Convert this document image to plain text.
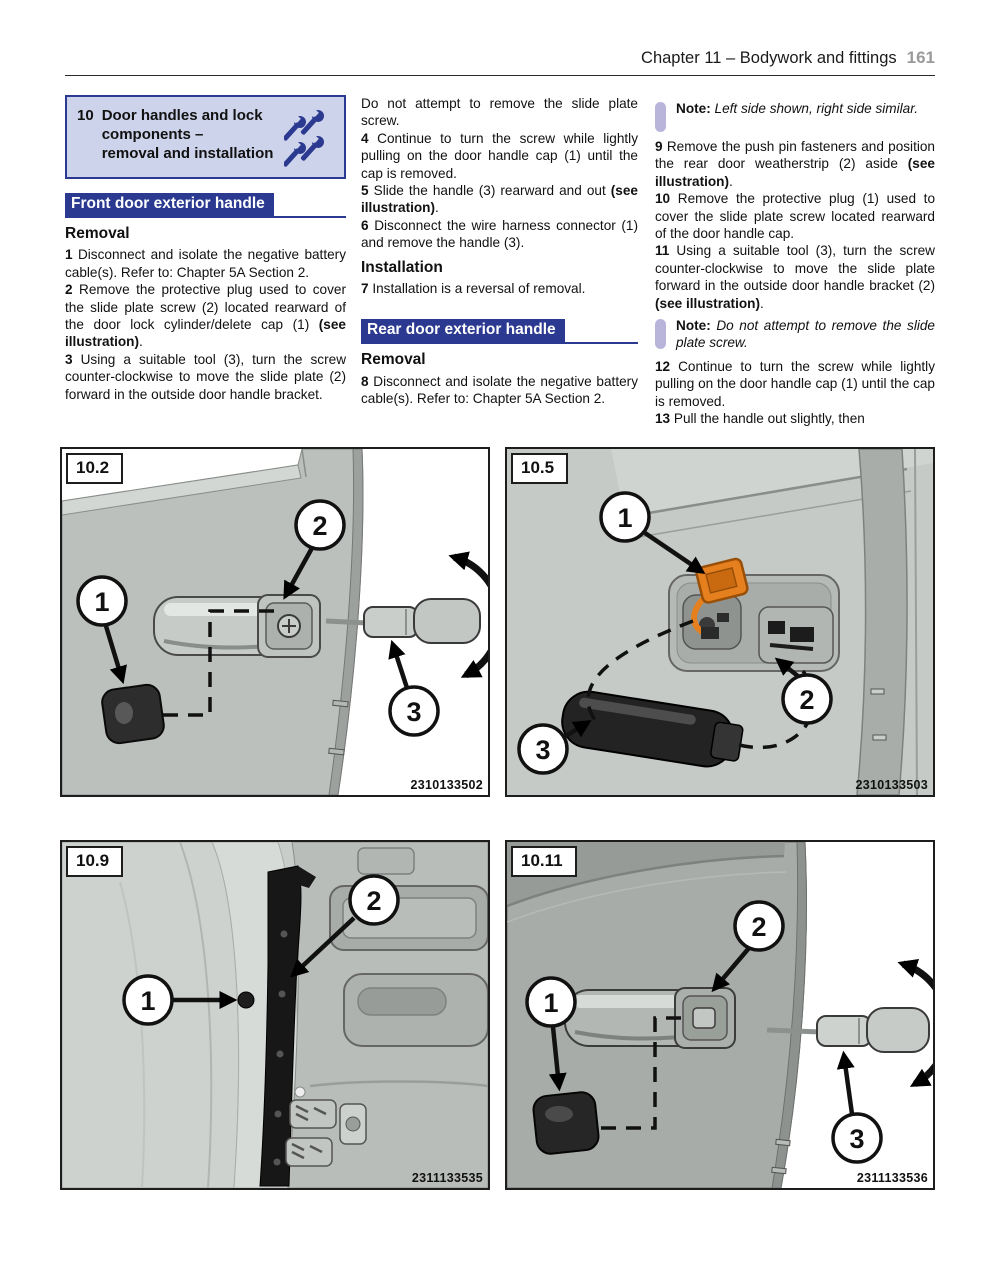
Chapter 11 – Bodywork and fittings 161
10 Door handles and lock
components –
removal and installation
Front door exterior handle
Removal

1 Disconnect and isolate the negative battery cable(s). Refer to: Chapter 5A Section 2.

2 Remove the protective plug used to cover the slide plate screw (2) located rearward of the door lock cylinder/delete cap (1) (see illustration).

3 Using a suitable tool (3), turn the screw counter-clockwise to move the slide plate (2) forward in the outside door handle bracket.

Do not attempt to remove the slide plate screw.

4 Continue to turn the screw while lightly pulling on the door handle cap (1) until the cap is removed.

5 Slide the handle (3) rearward and out (see illustration).

6 Disconnect the wire harness connector (1) and remove the handle (3).

Installation

7 Installation is a reversal of removal.

Rear door exterior handle
Removal

8 Disconnect and isolate the negative battery cable(s). Refer to: Chapter 5A Section 2.

Note: Left side shown, right side similar.

9 Remove the push pin fasteners and position the rear door weatherstrip (2) aside (see illustration).

10 Remove the protective plug (1) used to cover the slide plate screw located rearward of the door handle cap.

11 Using a suitable tool (3), turn the screw counter-clockwise to move the slide plate forward in the outside door handle bracket (2) (see illustration).

Note: Do not attempt to remove the slide plate screw.

12 Continue to turn the screw while lightly pulling on the door handle cap (1) until the cap is removed.

13 Pull the handle out slightly, then

10.2
2310133502
1
2
3
10.5
2310133503
1
2
3
10.9
2311133535
1
2
10.11
2311133536
1
2
3
